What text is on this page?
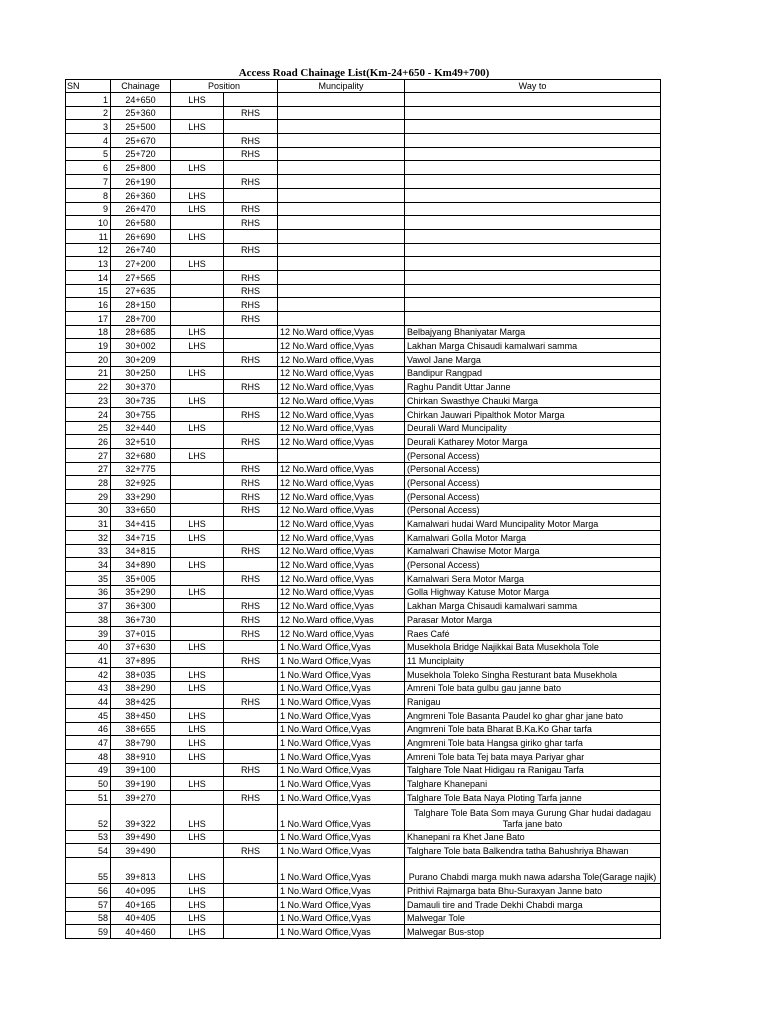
Access Road Chainage List(Km-24+650 - Km49+700)
SN	Chainage	Position		Muncipality	Way to
1	24+650	LHS			
2	25+360		RHS		
3	25+500	LHS			
4	25+670		RHS		
5	25+720		RHS		
6	25+800	LHS			
7	26+190		RHS		
8	26+360	LHS			
9	26+470	LHS	RHS		
10	26+580		RHS		
11	26+690	LHS			
12	26+740		RHS		
13	27+200	LHS			
14	27+565		RHS		
15	27+635		RHS		
16	28+150		RHS		
17	28+700		RHS		
18	28+685	LHS		12 No.Ward office,Vyas	Belbajyang Bhaniyatar Marga
19	30+002	LHS		12 No.Ward office,Vyas	Lakhan Marga Chisaudi kamalwari samma
20	30+209		RHS	12 No.Ward office,Vyas	Vawol Jane Marga
21	30+250	LHS		12 No.Ward office,Vyas	Bandipur Rangpad
22	30+370		RHS	12 No.Ward office,Vyas	Raghu Pandit Uttar Janne
23	30+735	LHS		12 No.Ward office,Vyas	Chirkan Swasthye Chauki Marga
24	30+755		RHS	12 No.Ward office,Vyas	Chirkan Jauwari Pipalthok Motor Marga
25	32+440	LHS		12 No.Ward office,Vyas	Deurali Ward Muncipality
26	32+510		RHS	12 No.Ward office,Vyas	Deurali Katharey Motor Marga
27	32+680	LHS			(Personal Access)
27	32+775		RHS	12 No.Ward office,Vyas	(Personal Access)
28	32+925		RHS	12 No.Ward office,Vyas	(Personal Access)
29	33+290		RHS	12 No.Ward office,Vyas	(Personal Access)
30	33+650		RHS	12 No.Ward office,Vyas	(Personal Access)
31	34+415	LHS		12 No.Ward office,Vyas	Kamalwari hudai Ward Muncipality Motor Marga
32	34+715	LHS		12 No.Ward office,Vyas	Kamalwari Golla Motor Marga
33	34+815		RHS	12 No.Ward office,Vyas	Kamalwari Chawise Motor Marga
34	34+890	LHS		12 No.Ward office,Vyas	(Personal Access)
35	35+005		RHS	12 No.Ward office,Vyas	Kamalwari Sera Motor Marga
36	35+290	LHS		12 No.Ward office,Vyas	Golla Highway Katuse Motor Marga
37	36+300		RHS	12 No.Ward office,Vyas	Lakhan Marga Chisaudi kamalwari samma
38	36+730		RHS	12 No.Ward office,Vyas	Parasar Motor Marga
39	37+015		RHS	12 No.Ward office,Vyas	Raes Café
40	37+630	LHS		1 No.Ward Office,Vyas	Musekhola Bridge Najikkai Bata Musekhola Tole
41	37+895		RHS	1 No.Ward Office,Vyas	11 Munciplaity
42	38+035	LHS		1 No.Ward Office,Vyas	Musekhola Toleko Singha Resturant bata Musekhola
43	38+290	LHS		1 No.Ward Office,Vyas	Amreni Tole bata gulbu gau janne bato
44	38+425		RHS	1 No.Ward Office,Vyas	Ranigau
45	38+450	LHS		1 No.Ward Office,Vyas	Angmreni Tole Basanta Paudel ko ghar ghar jane bato
46	38+655	LHS		1 No.Ward Office,Vyas	Angmreni Tole bata Bharat B.Ka.Ko Ghar tarfa
47	38+790	LHS		1 No.Ward Office,Vyas	Angmreni Tole bata Hangsa giriko ghar tarfa
48	38+910	LHS		1 No.Ward Office,Vyas	Amreni Tole bata Tej bata maya Pariyar ghar
49	39+100		RHS	1 No.Ward Office,Vyas	Talghare Tole Naat Hidigau ra Ranigau Tarfa
50	39+190	LHS		1 No.Ward Office,Vyas	Talghare Khanepani
51	39+270		RHS	1 No.Ward Office,Vyas	Talghare Tole Bata Naya Ploting Tarfa janne
52	39+322	LHS		1 No.Ward Office,Vyas	Talghare Tole Bata Som maya Gurung Ghar hudai dadagau Tarfa jane bato
53	39+490	LHS		1 No.Ward Office,Vyas	Khanepani ra Khet Jane Bato
54	39+490		RHS	1 No.Ward Office,Vyas	Talghare Tole bata Balkendra tatha Bahushriya Bhawan
55	39+813	LHS		1 No.Ward Office,Vyas	Purano Chabdi marga mukh nawa adarsha Tole(Garage najik)
56	40+095	LHS		1 No.Ward Office,Vyas	Prithivi Rajmarga bata Bhu-Suraxyan Janne bato
57	40+165	LHS		1 No.Ward Office,Vyas	Damauli tire and Trade Dekhi Chabdi marga
58	40+405	LHS		1 No.Ward Office,Vyas	Malwegar Tole
59	40+460	LHS		1 No.Ward Office,Vyas	Malwegar Bus-stop
